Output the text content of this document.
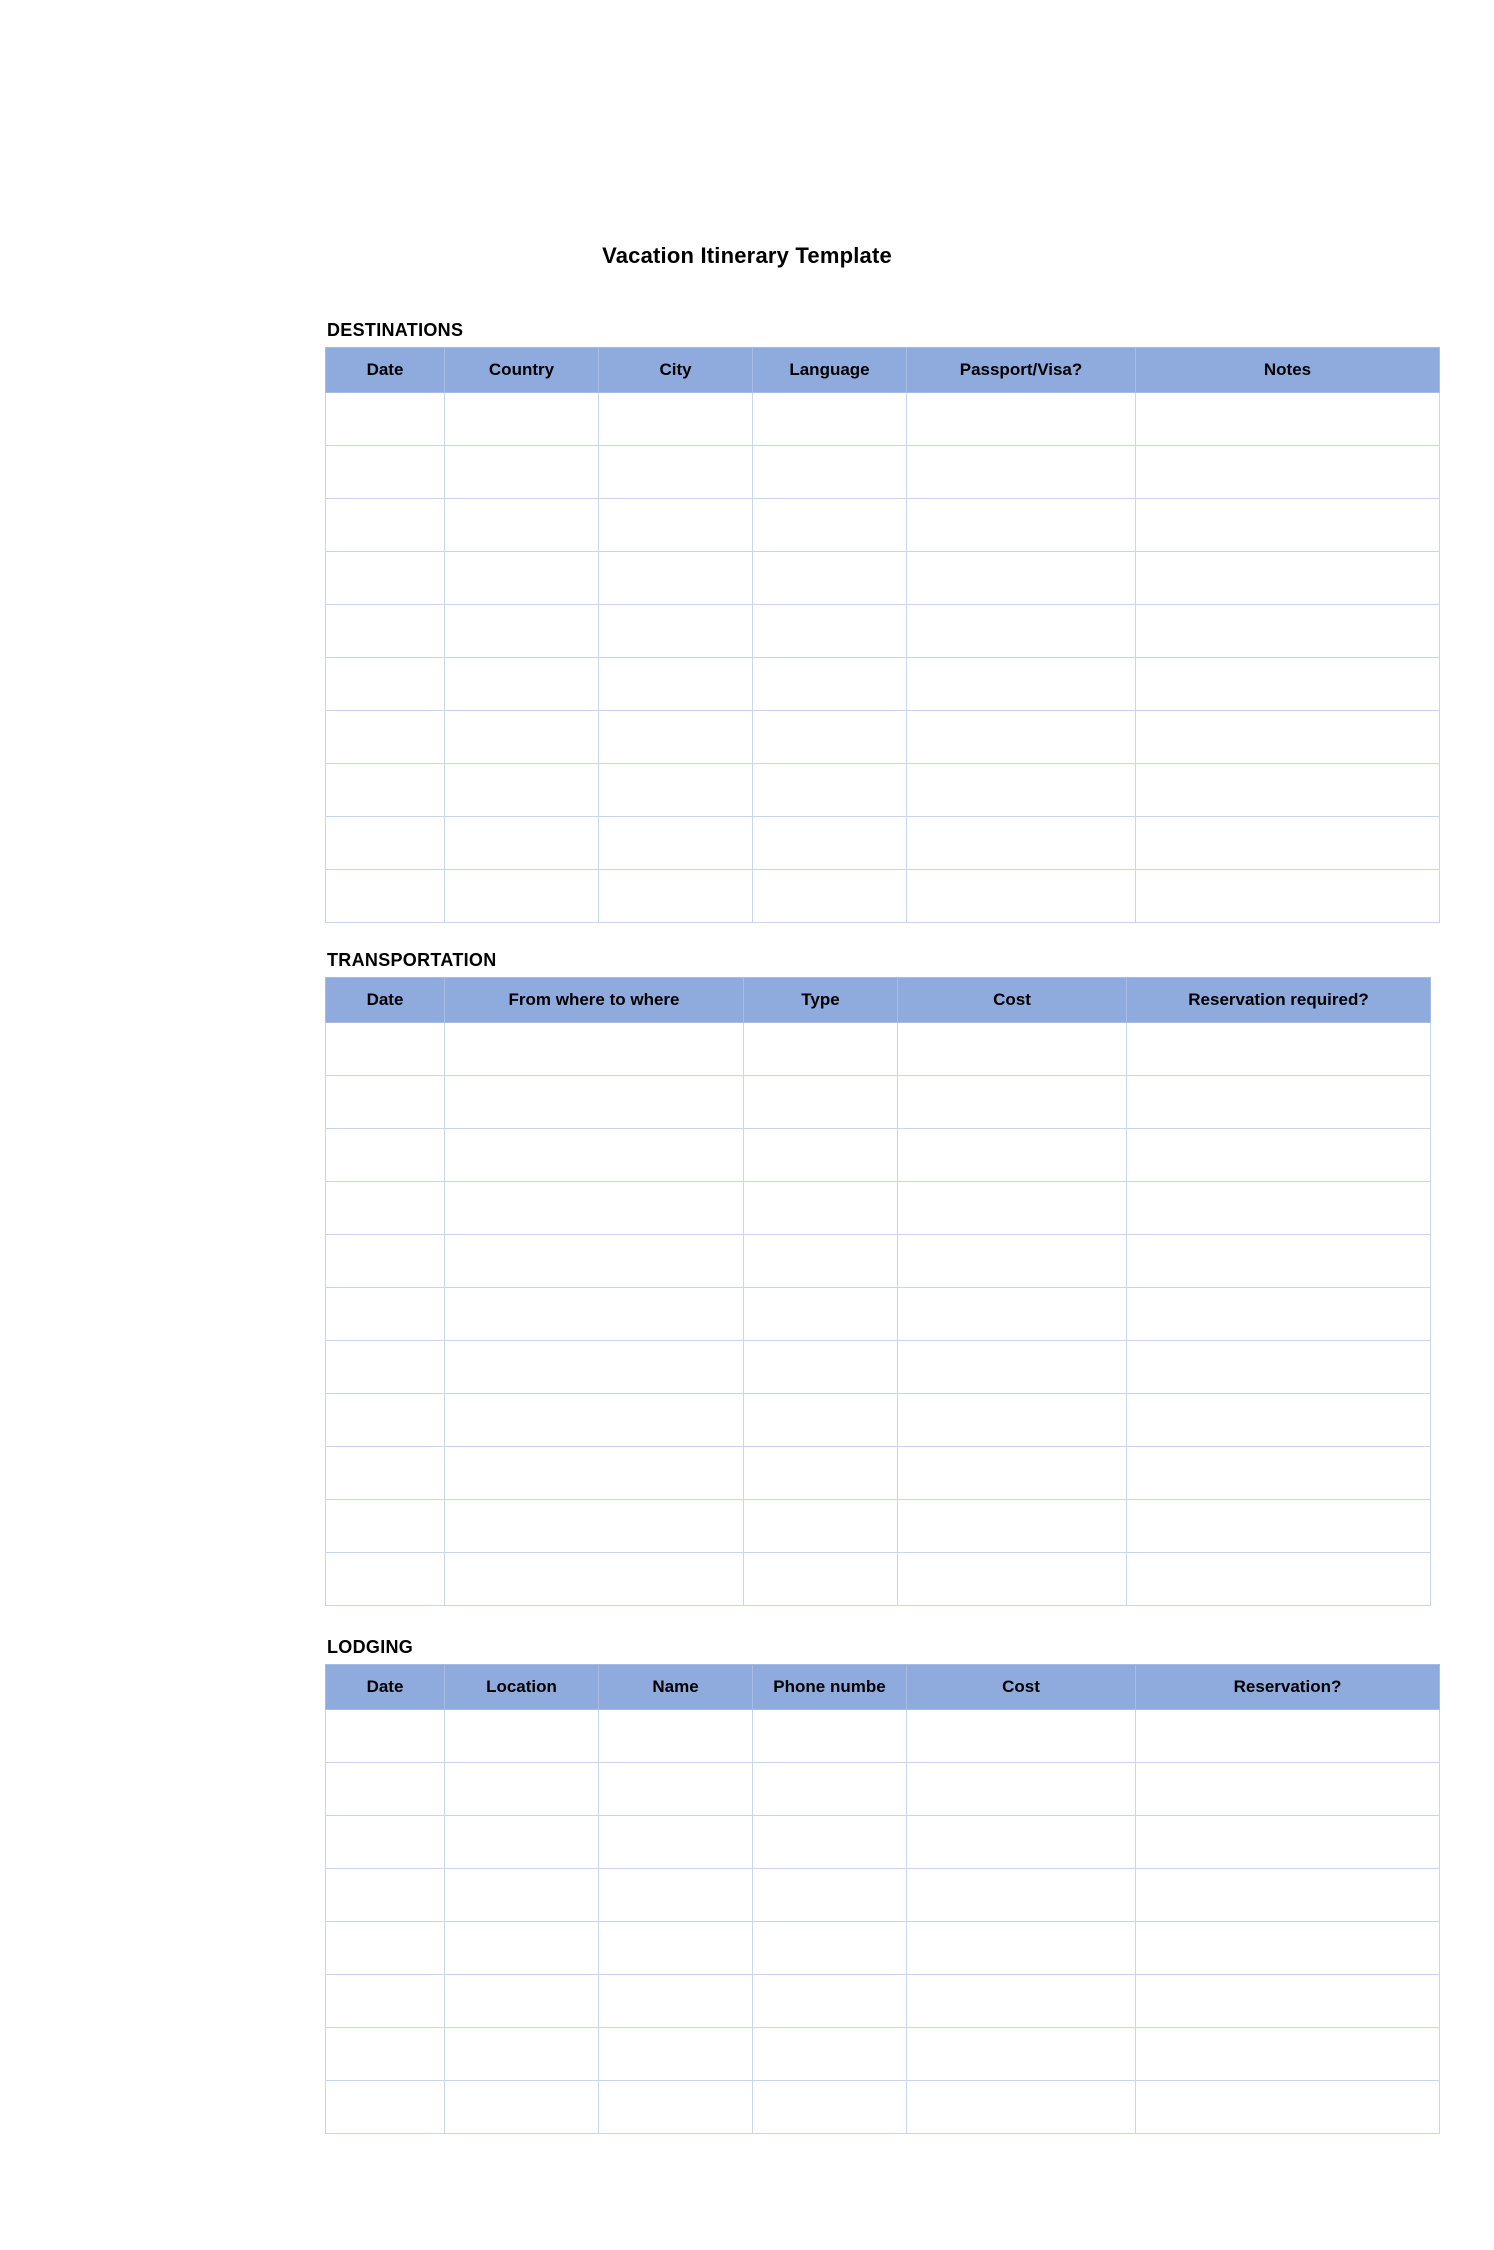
Vacation Itinerary Template
DESTINATIONS
Date	Country	City	Language	Passport/Visa?	Notes

TRANSPORTATION
Date	From where to where	Type	Cost	Reservation required?

LODGING
Date	Location	Name	Phone numbe	Cost	Reservation?
